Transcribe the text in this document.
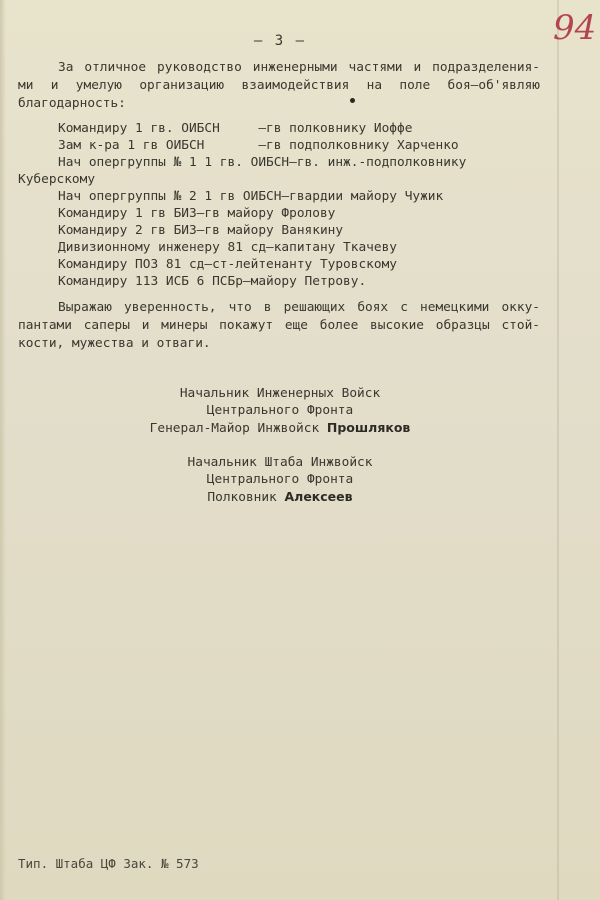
— 3 —	94
За отличное руководство инженерными частями и подразделения-
ми и умелую организацию взаимодействия на поле боя—об'являю
благодарность:
Командиру 1 гв. ОИБСН     —гв полковнику Иоффе
Зам к-ра 1 гв ОИБСН       —гв подполковнику Харченко
Нач опергруппы № 1 1 гв. ОИБСН—гв. инж.-подполковнику
Куберскому
Нач опергруппы № 2 1 гв ОИБСН—гвардии майору Чужик
Командиру 1 гв БИЗ—гв майору Фролову
Командиру 2 гв БИЗ—гв майору Ванякину
Дивизионному инженеру 81 сд—капитану Ткачеву
Командиру ПОЗ 81 сд—ст-лейтенанту Туровскому
Командиру 113 ИСБ 6 ПСБр—майору Петрову.
Выражаю уверенность, что в решающих боях с немецкими окку-
пантами саперы и минеры покажут еще более высокие образцы стой-
кости, мужества и отваги.
Начальник Инженерных Войск
Центрального Фронта
Генерал-Майор Инжвойск Прошляков
Начальник Штаба Инжвойск
Центрального Фронта
Полковник Алексеев
Тип. Штаба ЦФ Зак. № 573
